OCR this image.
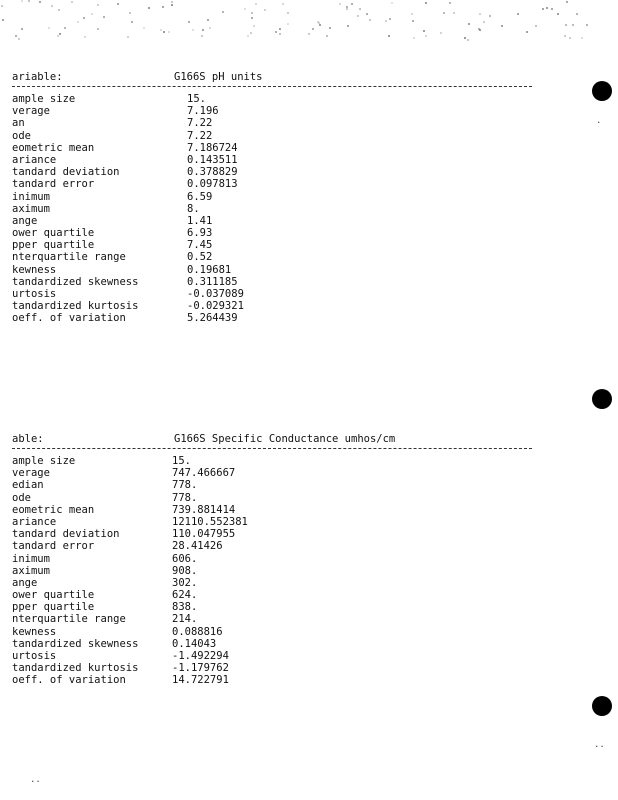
.
..
..
ariable:	G166S pH units
ample size	15.
verage	7.196
an	7.22
ode	7.22
eometric mean	7.186724
ariance	0.143511
tandard deviation	0.378829
tandard error	0.097813
inimum	6.59
aximum	8.
ange	1.41
ower quartile	6.93
pper quartile	7.45
nterquartile range	0.52
kewness	0.19681
tandardized skewness	0.311185
urtosis	-0.037089
tandardized kurtosis	-0.029321
oeff. of variation	5.264439
able:	G166S Specific Conductance umhos/cm
ample size	15.
verage	747.466667
edian	778.
ode	778.
eometric mean	739.881414
ariance	12110.552381
tandard deviation	110.047955
tandard error	28.41426
inimum	606.
aximum	908.
ange	302.
ower quartile	624.
pper quartile	838.
nterquartile range	214.
kewness	0.088816
tandardized skewness	0.14043
urtosis	-1.492294
tandardized kurtosis	-1.179762
oeff. of variation	14.722791
